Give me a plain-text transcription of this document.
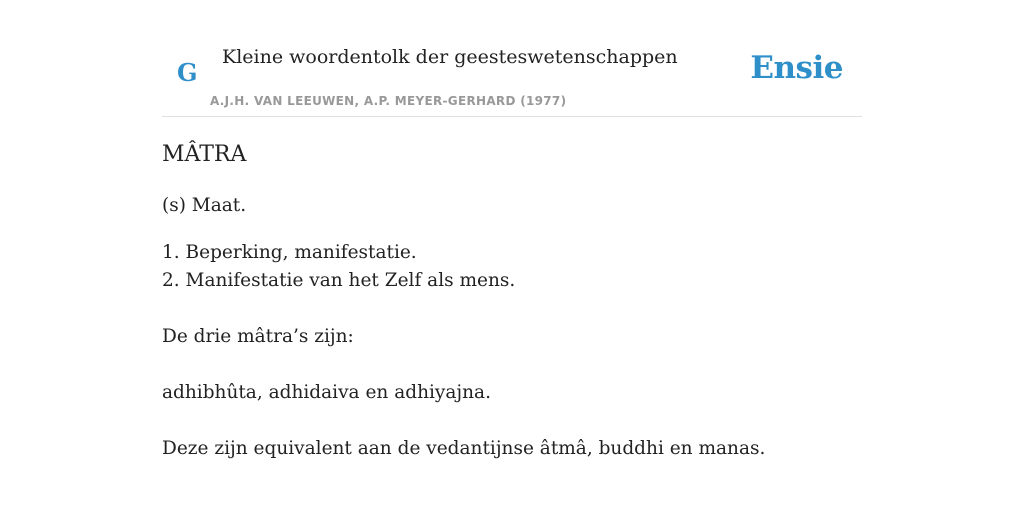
G
Kleine woordentolk der geesteswetenschappen
A.J.H. VAN LEEUWEN, A.P. MEYER-GERHARD (1977)
Ensie
MÂTRA

(s) Maat.

1. Beperking, manifestatie.

2. Manifestatie van het Zelf als mens.

De drie mâtra’s zijn:

adhibhûta, adhidaiva en adhiyajna.

Deze zijn equivalent aan de vedantijnse âtmâ, buddhi en manas.
